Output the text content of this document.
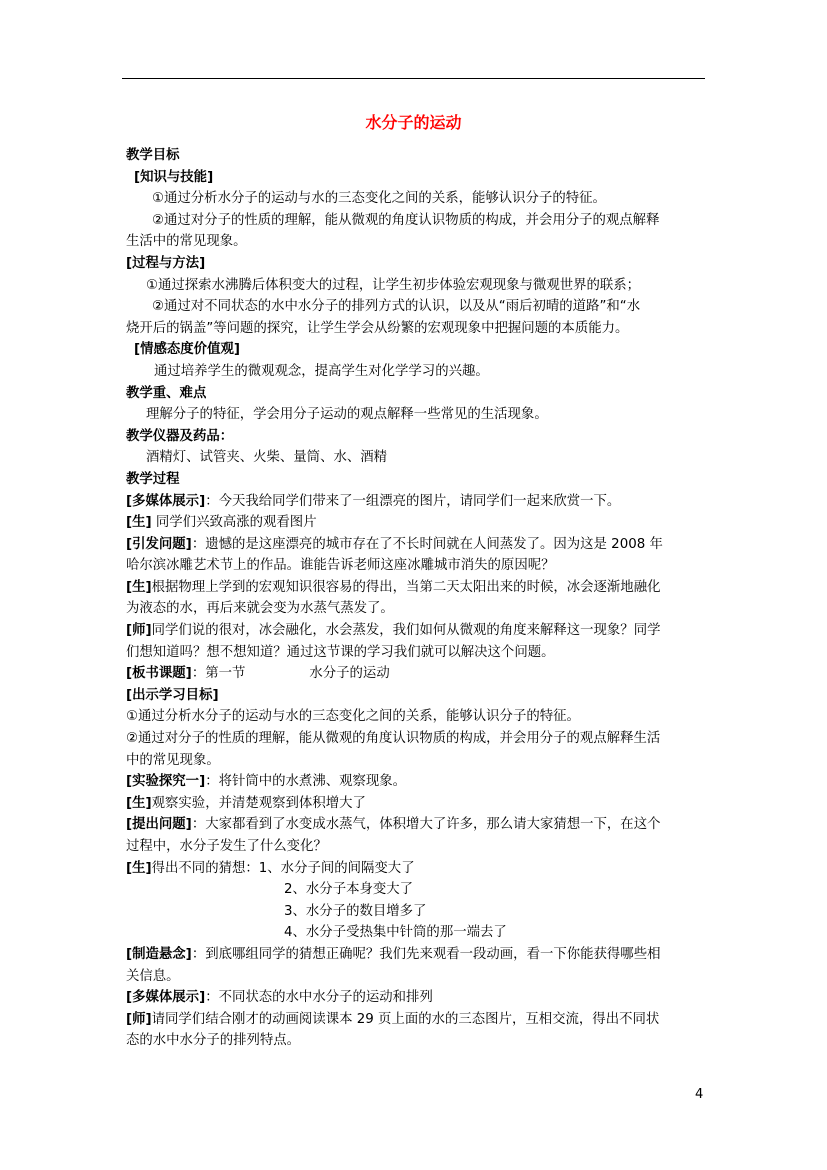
水分子的运动

教学目标

[知识与技能]

①通过分析水分子的运动与水的三态变化之间的关系，能够认识分子的特征。

②通过对分子的性质的理解，能从微观的角度认识物质的构成，并会用分子的观点解释

生活中的常见现象。

[过程与方法]

①通过探索水沸腾后体积变大的过程，让学生初步体验宏观现象与微观世界的联系；

②通过对不同状态的水中水分子的排列方式的认识，以及从“雨后初晴的道路”和“水

烧开后的锅盖”等问题的探究，让学生学会从纷繁的宏观现象中把握问题的本质能力。

[情感态度价值观]

通过培养学生的微观观念，提高学生对化学学习的兴趣。

教学重、难点

理解分子的特征，学会用分子运动的观点解释一些常见的生活现象。

教学仪器及药品：

酒精灯、试管夹、火柴、量筒、水、酒精

教学过程

[多媒体展示]：今天我给同学们带来了一组漂亮的图片，请同学们一起来欣赏一下。

[生] 同学们兴致高涨的观看图片

[引发问题]：遗憾的是这座漂亮的城市存在了不长时间就在人间蒸发了。因为这是 2008 年

哈尔滨冰雕艺术节上的作品。谁能告诉老师这座冰雕城市消失的原因呢？

[生]根据物理上学到的宏观知识很容易的得出，当第二天太阳出来的时候，冰会逐渐地融化

为液态的水，再后来就会变为水蒸气蒸发了。

[师]同学们说的很对，冰会融化，水会蒸发，我们如何从微观的角度来解释这一现象？同学

们想知道吗？想不想知道？通过这节课的学习我们就可以解决这个问题。

[板书课题]：第一节	水分子的运动

[出示学习目标]

①通过分析水分子的运动与水的三态变化之间的关系，能够认识分子的特征。

②通过对分子的性质的理解，能从微观的角度认识物质的构成，并会用分子的观点解释生活

中的常见现象。

[实验探究一]：将针筒中的水煮沸、观察现象。

[生]观察实验，并清楚观察到体积增大了

[提出问题]：大家都看到了水变成水蒸气，体积增大了许多，那么请大家猜想一下，在这个

过程中，水分子发生了什么变化？

[生]得出不同的猜想：1、水分子间的间隔变大了

2、水分子本身变大了

3、水分子的数目增多了

4、水分子受热集中针筒的那一端去了

[制造悬念]：到底哪组同学的猜想正确呢？我们先来观看一段动画，看一下你能获得哪些相

关信息。

[多媒体展示]：不同状态的水中水分子的运动和排列

[师]请同学们结合刚才的动画阅读课本 29 页上面的水的三态图片，互相交流，得出不同状

态的水中水分子的排列特点。

4
